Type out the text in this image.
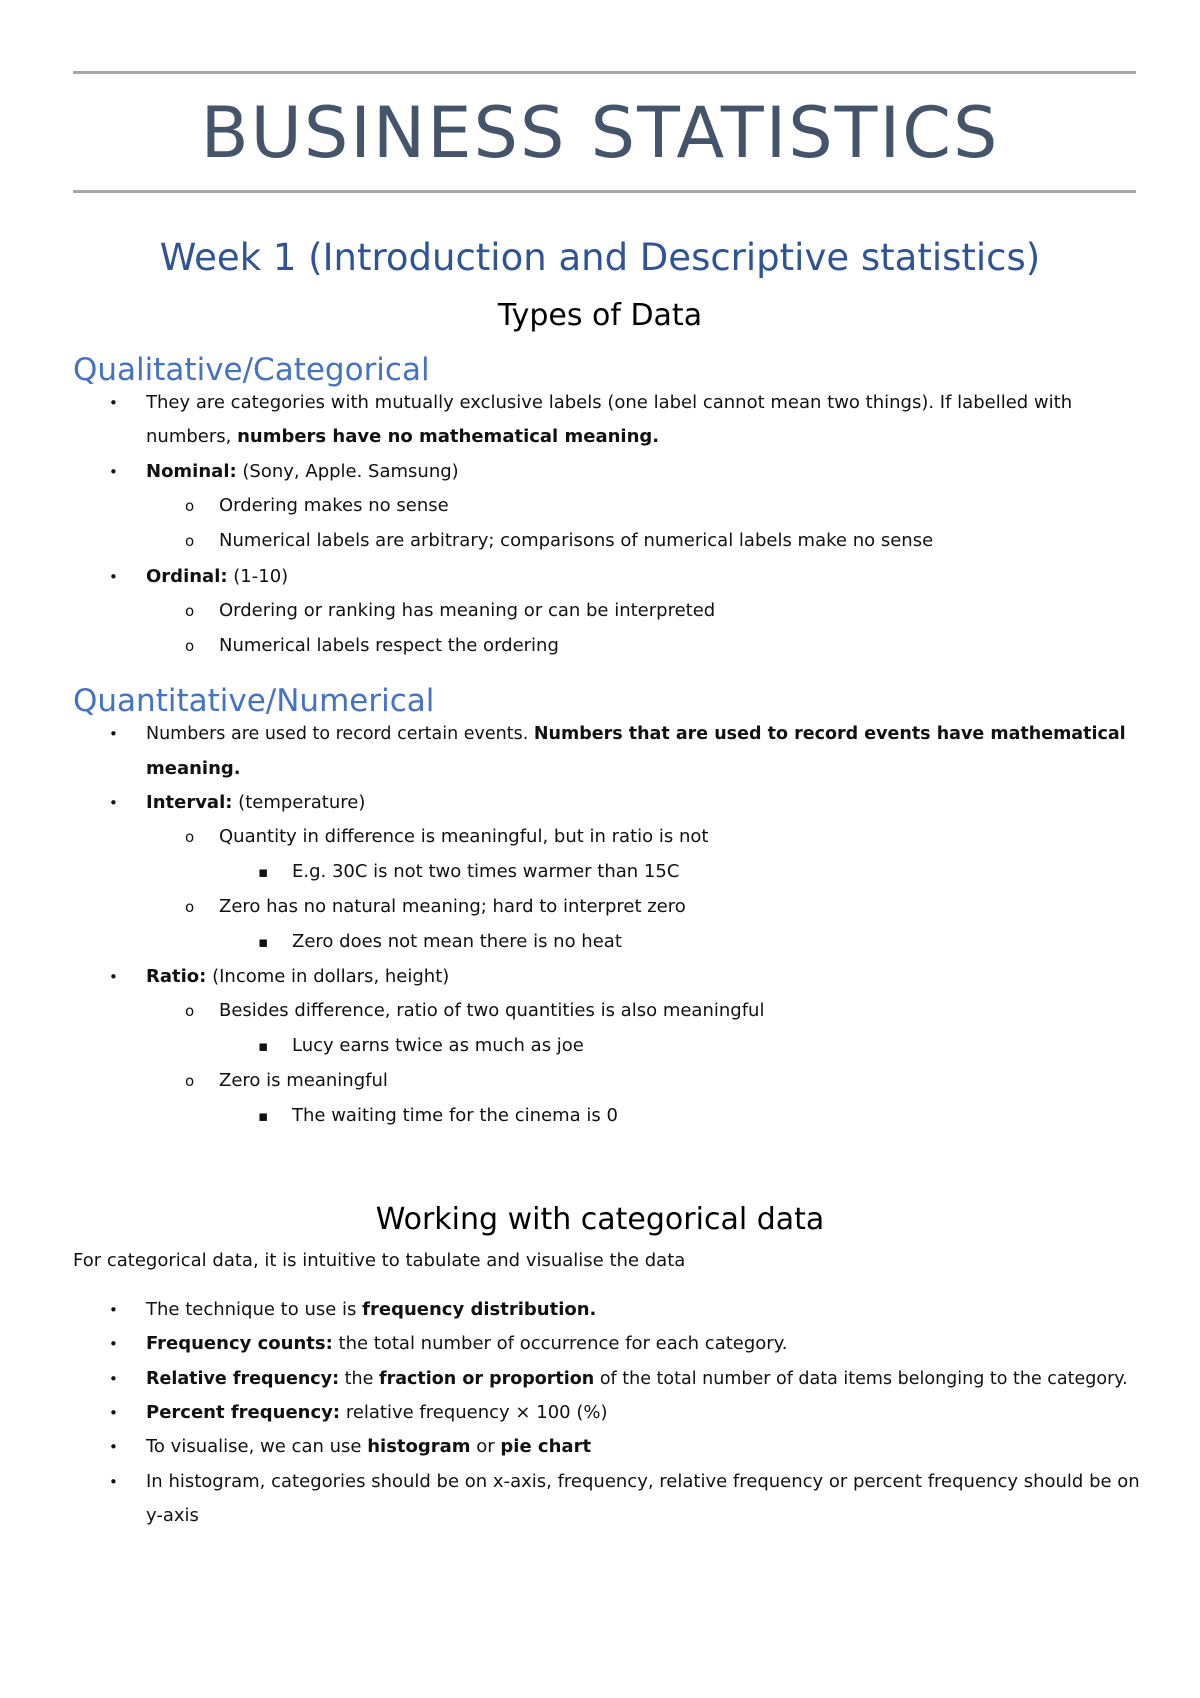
BUSINESS STATISTICS
Week 1 (Introduction and Descriptive statistics)
Types of Data
Qualitative/Categorical
• They are categories with mutually exclusive labels (one label cannot mean two things). If labelled with
numbers, numbers have no mathematical meaning.
• Nominal: (Sony, Apple. Samsung)
o Ordering makes no sense
o Numerical labels are arbitrary; comparisons of numerical labels make no sense
• Ordinal: (1-10)
o Ordering or ranking has meaning or can be interpreted
o Numerical labels respect the ordering
Quantitative/Numerical
• Numbers are used to record certain events. Numbers that are used to record events have mathematical
meaning.
• Interval: (temperature)
o Quantity in difference is meaningful, but in ratio is not
▪ E.g. 30C is not two times warmer than 15C
o Zero has no natural meaning; hard to interpret zero
▪ Zero does not mean there is no heat
• Ratio: (Income in dollars, height)
o Besides difference, ratio of two quantities is also meaningful
▪ Lucy earns twice as much as joe
o Zero is meaningful
▪ The waiting time for the cinema is 0
Working with categorical data
For categorical data, it is intuitive to tabulate and visualise the data
• The technique to use is frequency distribution.
• Frequency counts: the total number of occurrence for each category.
• Relative frequency: the fraction or proportion of the total number of data items belonging to the category.
• Percent frequency: relative frequency × 100 (%)
• To visualise, we can use histogram or pie chart
• In histogram, categories should be on x-axis, frequency, relative frequency or percent frequency should be on
y-axis
